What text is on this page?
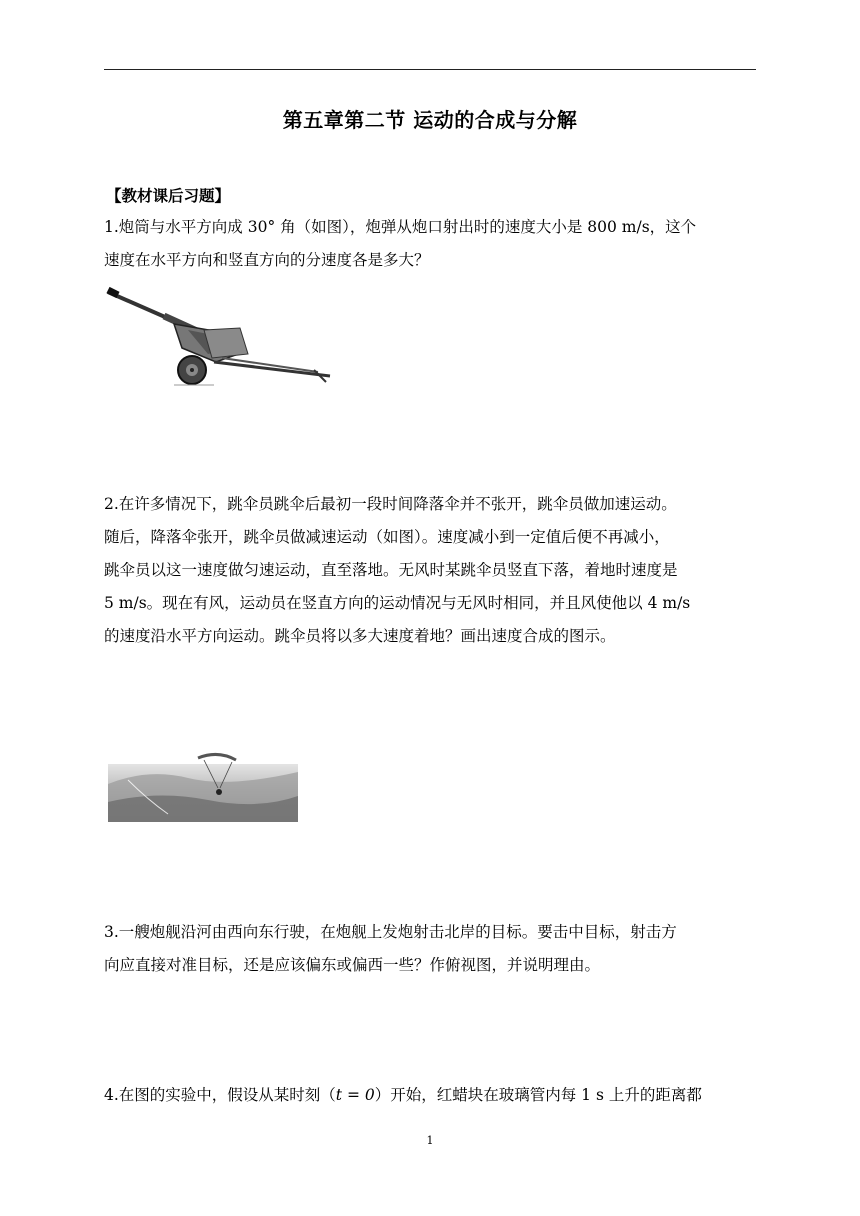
第五章第二节 运动的合成与分解
【教材课后习题】
1.炮筒与水平方向成 30° 角（如图），炮弹从炮口射出时的速度大小是 800 m/s，这个
速度在水平方向和竖直方向的分速度各是多大？
2.在许多情况下，跳伞员跳伞后最初一段时间降落伞并不张开，跳伞员做加速运动。
随后，降落伞张开，跳伞员做减速运动（如图）。速度减小到一定值后便不再减小，
跳伞员以这一速度做匀速运动，直至落地。无风时某跳伞员竖直下落，着地时速度是
5 m/s。现在有风，运动员在竖直方向的运动情况与无风时相同，并且风使他以 4 m/s
的速度沿水平方向运动。跳伞员将以多大速度着地？画出速度合成的图示。
3.一艘炮舰沿河由西向东行驶，在炮舰上发炮射击北岸的目标。要击中目标，射击方
向应直接对准目标，还是应该偏东或偏西一些？作俯视图，并说明理由。
4.在图的实验中，假设从某时刻（t = 0）开始，红蜡块在玻璃管内每 1 s 上升的距离都
1
